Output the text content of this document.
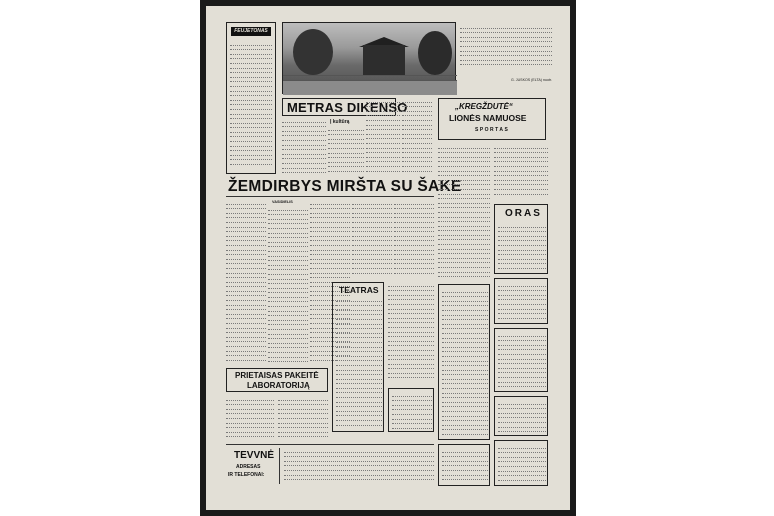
FEUJETONAS
G. JUSKOS (ELTA) nuotr.
METRAS DIKENSO
Į kultūrą
„KREGŽDUTĖ“
LIONĖS NAMUOSE
SPORTAS
ŽEMDIRBYS MIRŠTA SU ŠAKE
VASIDIELIS
ORAS
TEATRAS
PRIETAISAS PAKEITĖ
LABORATORIJĄ
TEVVNĖ
ADRESAS
IR TELEFONAI:
